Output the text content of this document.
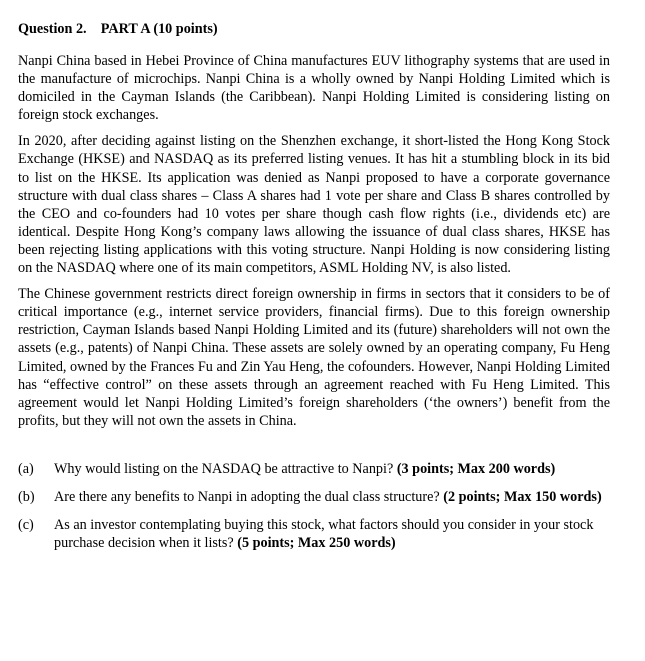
Question 2.    PART A (10 points)

Nanpi China based in Hebei Province of China manufactures EUV lithography systems that are used in the manufacture of microchips. Nanpi China is a wholly owned by Nanpi Holding Limited which is domiciled in the Cayman Islands (the Caribbean). Nanpi Holding Limited is considering listing on foreign stock exchanges.

In 2020, after deciding against listing on the Shenzhen exchange, it short-listed the Hong Kong Stock Exchange (HKSE) and NASDAQ as its preferred listing venues. It has hit a stumbling block in its bid to list on the HKSE. Its application was denied as Nanpi proposed to have a corporate governance structure with dual class shares – Class A shares had 1 vote per share and Class B shares controlled by the CEO and co-founders had 10 votes per share though cash flow rights (i.e., dividends etc) are identical. Despite Hong Kong’s company laws allowing the issuance of dual class shares, HKSE has been rejecting listing applications with this voting structure. Nanpi Holding is now considering listing on the NASDAQ where one of its main competitors, ASML Holding NV, is also listed.

The Chinese government restricts direct foreign ownership in firms in sectors that it considers to be of critical importance (e.g., internet service providers, financial firms). Due to this foreign ownership restriction, Cayman Islands based Nanpi Holding Limited and its (future) shareholders will not own the assets (e.g., patents) of Nanpi China. These assets are solely owned by an operating company, Fu Heng Limited, owned by the Frances Fu and Zin Yau Heng, the cofounders. However, Nanpi Holding Limited has “effective control” on these assets through an agreement reached with Fu Heng Limited. This agreement would let Nanpi Holding Limited’s foreign shareholders (‘the owners’) benefit from the profits, but they will not own the assets in China.

(a)	Why would listing on the NASDAQ be attractive to Nanpi? (3 points; Max 200 words)
(b)	Are there any benefits to Nanpi in adopting the dual class structure? (2 points; Max 150 words)
(c)	As an investor contemplating buying this stock, what factors should you consider in your stock purchase decision when it lists? (5 points; Max 250 words)
